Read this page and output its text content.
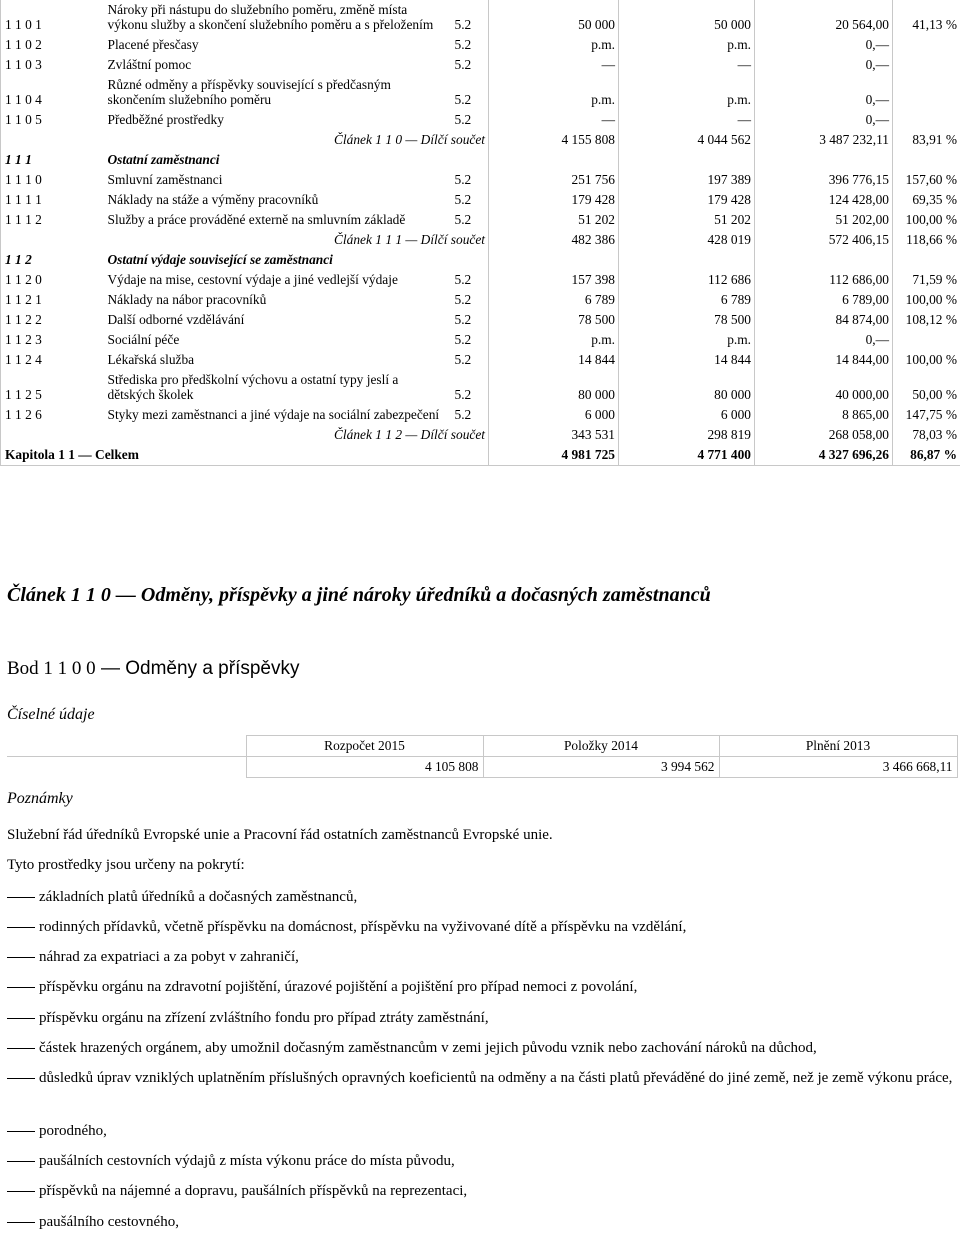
1 1 0 1	Nároky při nástupu do služebního poměru, změně místa výkonu služby a skončení služebního poměru a s přeložením	5.2	50 000	50 000	20 564,00	41,13 %
1 1 0 2	Placené přesčasy	5.2	p.m.	p.m.	0,—	
1 1 0 3	Zvláštní pomoc	5.2	—	—	0,—	
1 1 0 4	Různé odměny a příspěvky související s předčasným skončením služebního poměru	5.2	p.m.	p.m.	0,—	
1 1 0 5	Předběžné prostředky	5.2	—	—	0,—	
Článek 1 1 0 — Dílčí součet			4 155 808	4 044 562	3 487 232,11	83,91 %
1 1 1	Ostatní zaměstnanci					
1 1 1 0	Smluvní zaměstnanci	5.2	251 756	197 389	396 776,15	157,60 %
1 1 1 1	Náklady na stáže a výměny pracovníků	5.2	179 428	179 428	124 428,00	69,35 %
1 1 1 2	Služby a práce prováděné externě na smluvním základě	5.2	51 202	51 202	51 202,00	100,00 %
Článek 1 1 1 — Dílčí součet			482 386	428 019	572 406,15	118,66 %
1 1 2	Ostatní výdaje související se zaměstnanci					
1 1 2 0	Výdaje na mise, cestovní výdaje a jiné vedlejší výdaje	5.2	157 398	112 686	112 686,00	71,59 %
1 1 2 1	Náklady na nábor pracovníků	5.2	6 789	6 789	6 789,00	100,00 %
1 1 2 2	Další odborné vzdělávání	5.2	78 500	78 500	84 874,00	108,12 %
1 1 2 3	Sociální péče	5.2	p.m.	p.m.	0,—	
1 1 2 4	Lékařská služba	5.2	14 844	14 844	14 844,00	100,00 %
1 1 2 5	Střediska pro předškolní výchovu a ostatní typy jeslí a dětských školek	5.2	80 000	80 000	40 000,00	50,00 %
1 1 2 6	Styky mezi zaměstnanci a jiné výdaje na sociální zabezpečení	5.2	6 000	6 000	8 865,00	147,75 %
Článek 1 1 2 — Dílčí součet			343 531	298 819	268 058,00	78,03 %
Kapitola 1 1 — Celkem			4 981 725	4 771 400	4 327 696,26	86,87 %
Článek 1 1 0 — Odměny, příspěvky a jiné nároky úředníků a dočasných zaměstnanců
Bod 1 1 0 0 — Odměny a příspěvky
Číselné údaje
	Rozpočet 2015	Položky 2014	Plnění 2013
	4 105 808	3 994 562	3 466 668,11
Poznámky
Služební řád úředníků Evropské unie a Pracovní řád ostatních zaměstnanců Evropské unie.
Tyto prostředky jsou určeny na pokrytí:
základních platů úředníků a dočasných zaměstnanců,
rodinných přídavků, včetně příspěvku na domácnost, příspěvku na vyživované dítě a příspěvku na vzdělání,
náhrad za expatriaci a za pobyt v zahraničí,
příspěvku orgánu na zdravotní pojištění, úrazové pojištění a pojištění pro případ nemoci z povolání,
příspěvku orgánu na zřízení zvláštního fondu pro případ ztráty zaměstnání,
částek hrazených orgánem, aby umožnil dočasným zaměstnancům v zemi jejich původu vznik nebo zachování nároků na důchod,
důsledků úprav vzniklých uplatněním příslušných opravných koeficientů na odměny a na části platů převáděné do jiné země, než je země výkonu práce,
porodného,
paušálních cestovních výdajů z místa výkonu práce do místa původu,
příspěvků na nájemné a dopravu, paušálních příspěvků na reprezentaci,
paušálního cestovného,
